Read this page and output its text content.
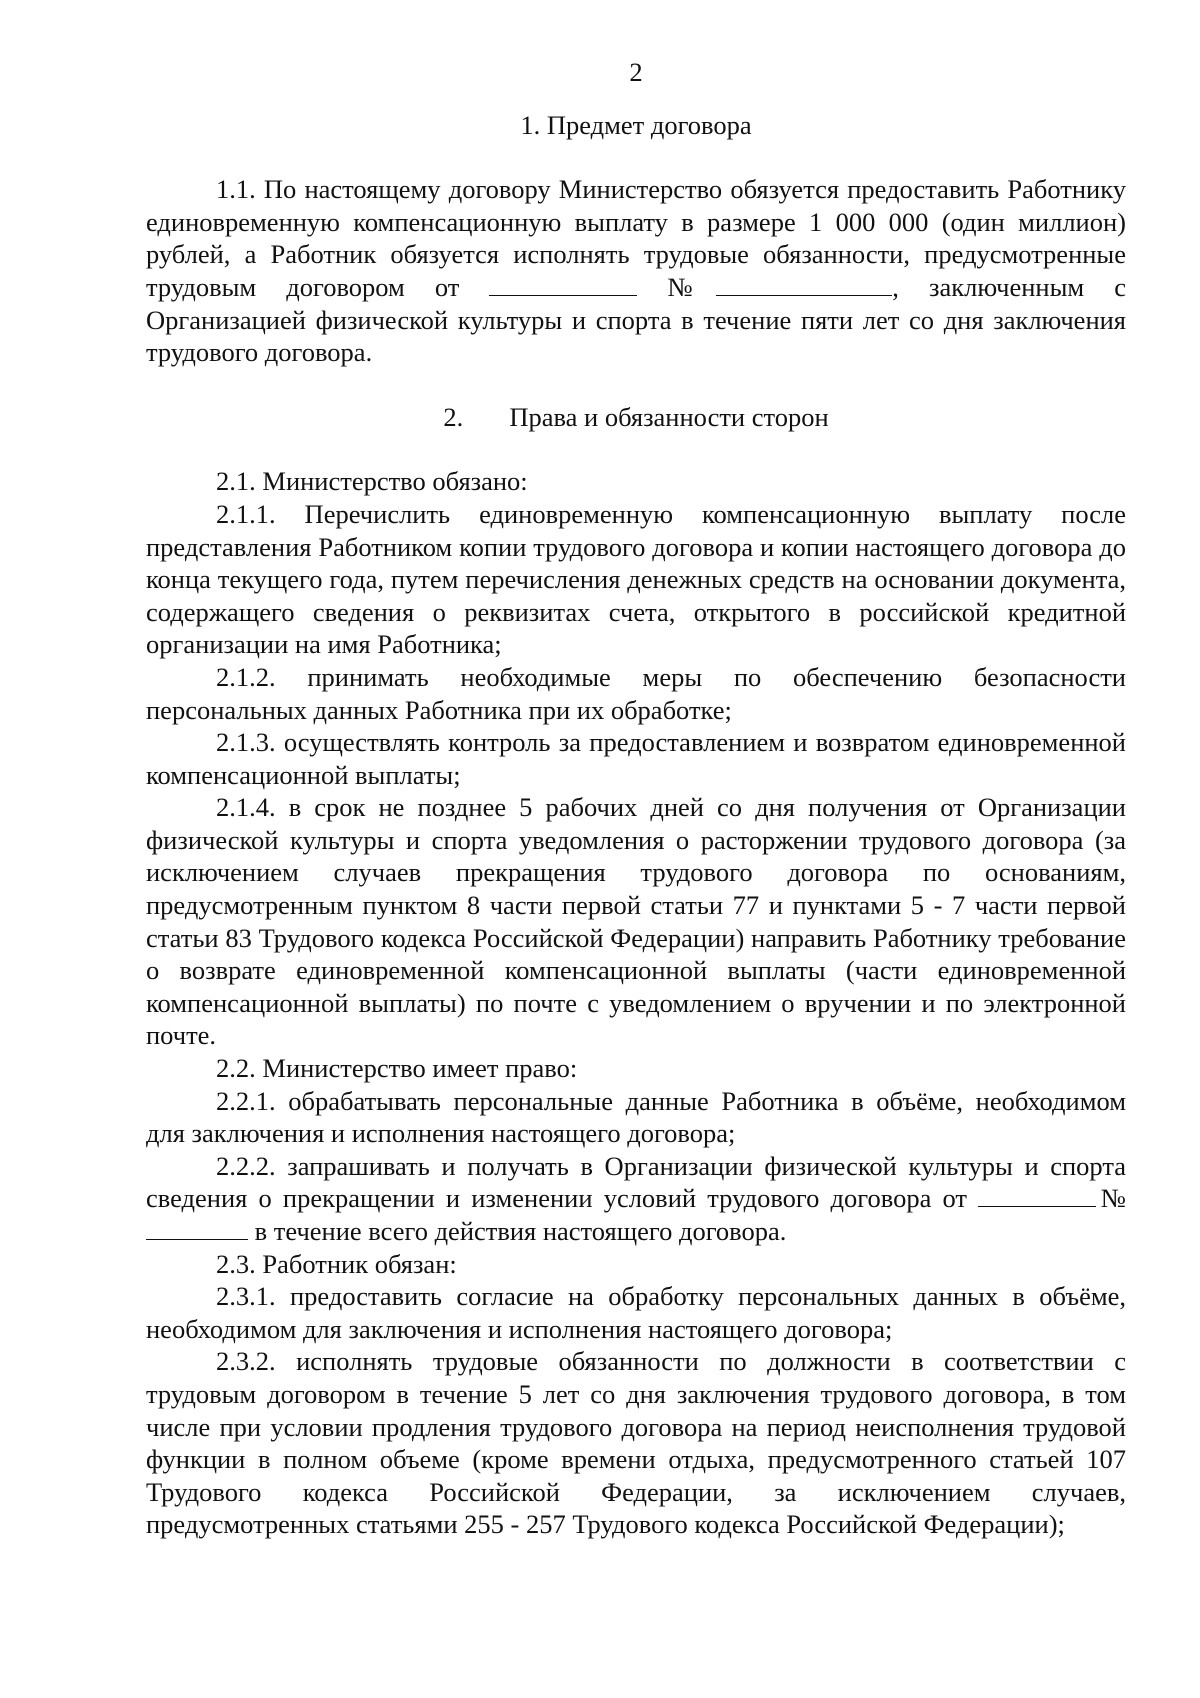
2
1. Предмет договора

1.1. По настоящему договору Министерство обязуется предоставить Работнику единовременную компенсационную выплату в размере 1 000 000 (один миллион) рублей, а Работник обязуется исполнять трудовые обязанности, предусмотренные трудовым договором от	№	, заключенным с Организацией физической культуры и спорта в течение пяти лет со дня заключения трудового договора.

2. Права и обязанности сторон

2.1. Министерство обязано:

2.1.1. Перечислить единовременную компенсационную выплату после представления Работником копии трудового договора и копии настоящего договора до конца текущего года, путем перечисления денежных средств на основании документа, содержащего сведения о реквизитах счета, открытого в российской кредитной организации на имя Работника;

2.1.2. принимать необходимые меры по обеспечению безопасности персональных данных Работника при их обработке;

2.1.3. осуществлять контроль за предоставлением и возвратом единовременной компенсационной выплаты;

2.1.4. в срок не позднее 5 рабочих дней со дня получения от Организации физической культуры и спорта уведомления о расторжении трудового договора (за исключением случаев прекращения трудового договора по основаниям, предусмотренным пунктом 8 части первой статьи 77 и пунктами 5 - 7 части первой статьи 83 Трудового кодекса Российской Федерации) направить Работнику требование о возврате единовременной компенсационной выплаты (части единовременной компенсационной выплаты) по почте с уведомлением о вручении и по электронной почте.

2.2. Министерство имеет право:

2.2.1. обрабатывать персональные данные Работника в объёме, необходимом для заключения и исполнения настоящего договора;

2.2.2. запрашивать и получать в Организации физической культуры и спорта сведения о прекращении и изменении условий трудового договора от	№ в течение всего действия настоящего договора.

2.3. Работник обязан:

2.3.1. предоставить согласие на обработку персональных данных в объёме, необходимом для заключения и исполнения настоящего договора;

2.3.2. исполнять трудовые обязанности по должности в соответствии с трудовым договором в течение 5 лет со дня заключения трудового договора, в том числе при условии продления трудового договора на период неисполнения трудовой функции в полном объеме (кроме времени отдыха, предусмотренного статьей 107 Трудового кодекса Российской Федерации, за исключением случаев, предусмотренных статьями 255 - 257 Трудового кодекса Российской Федерации);
